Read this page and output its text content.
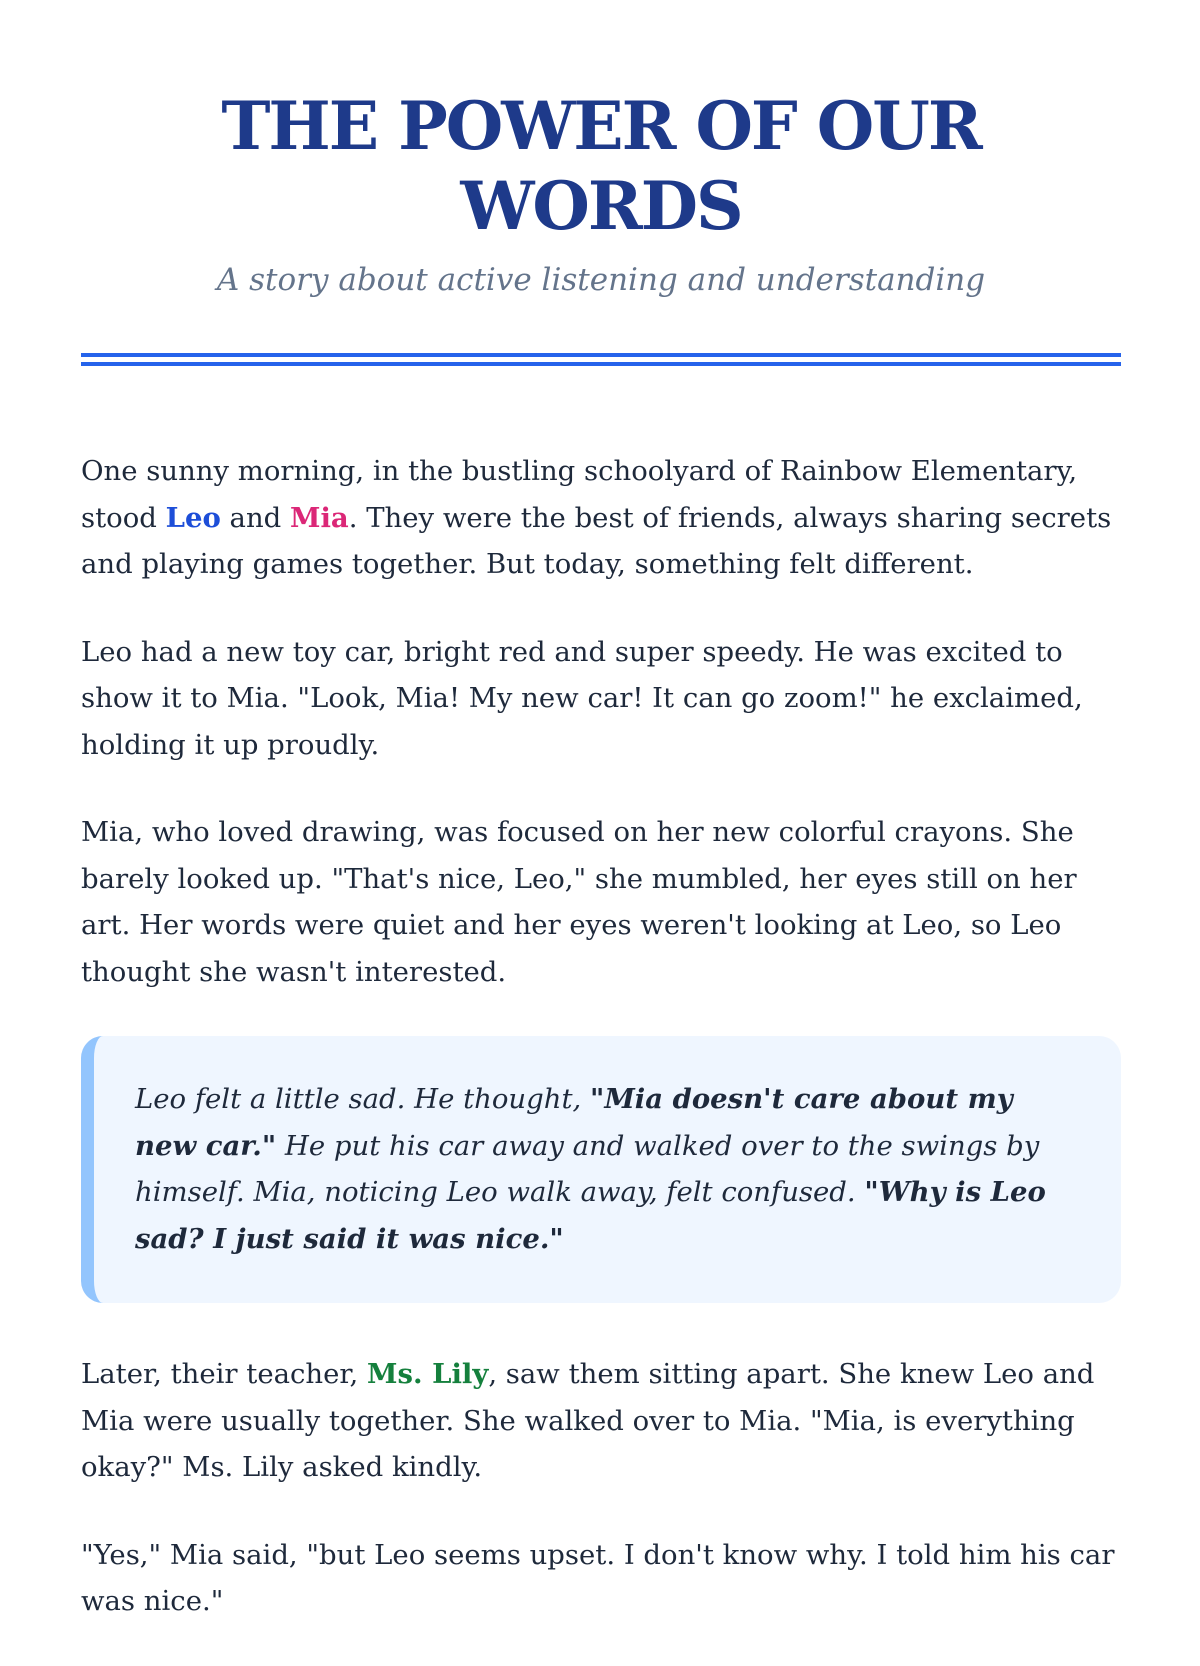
THE POWER OF OUR WORDS
A story about active listening and understanding

One sunny morning, in the bustling schoolyard of Rainbow Elementary, stood Leo and Mia. They were the best of friends, always sharing secrets and playing games together. But today, something felt different.

Leo had a new toy car, bright red and super speedy. He was excited to show it to Mia. "Look, Mia! My new car! It can go zoom!" he exclaimed, holding it up proudly.

Mia, who loved drawing, was focused on her new colorful crayons. She barely looked up. "That's nice, Leo," she mumbled, her eyes still on her art. Her words were quiet and her eyes weren't looking at Leo, so Leo thought she wasn't interested.

Leo felt a little sad. He thought, "Mia doesn't care about my new car." He put his car away and walked over to the swings by himself. Mia, noticing Leo walk away, felt confused. "Why is Leo sad? I just said it was nice."

Later, their teacher, Ms. Lily, saw them sitting apart. She knew Leo and Mia were usually together. She walked over to Mia. "Mia, is everything okay?" Ms. Lily asked kindly.

"Yes," Mia said, "but Leo seems upset. I don't know why. I told him his car was nice."
